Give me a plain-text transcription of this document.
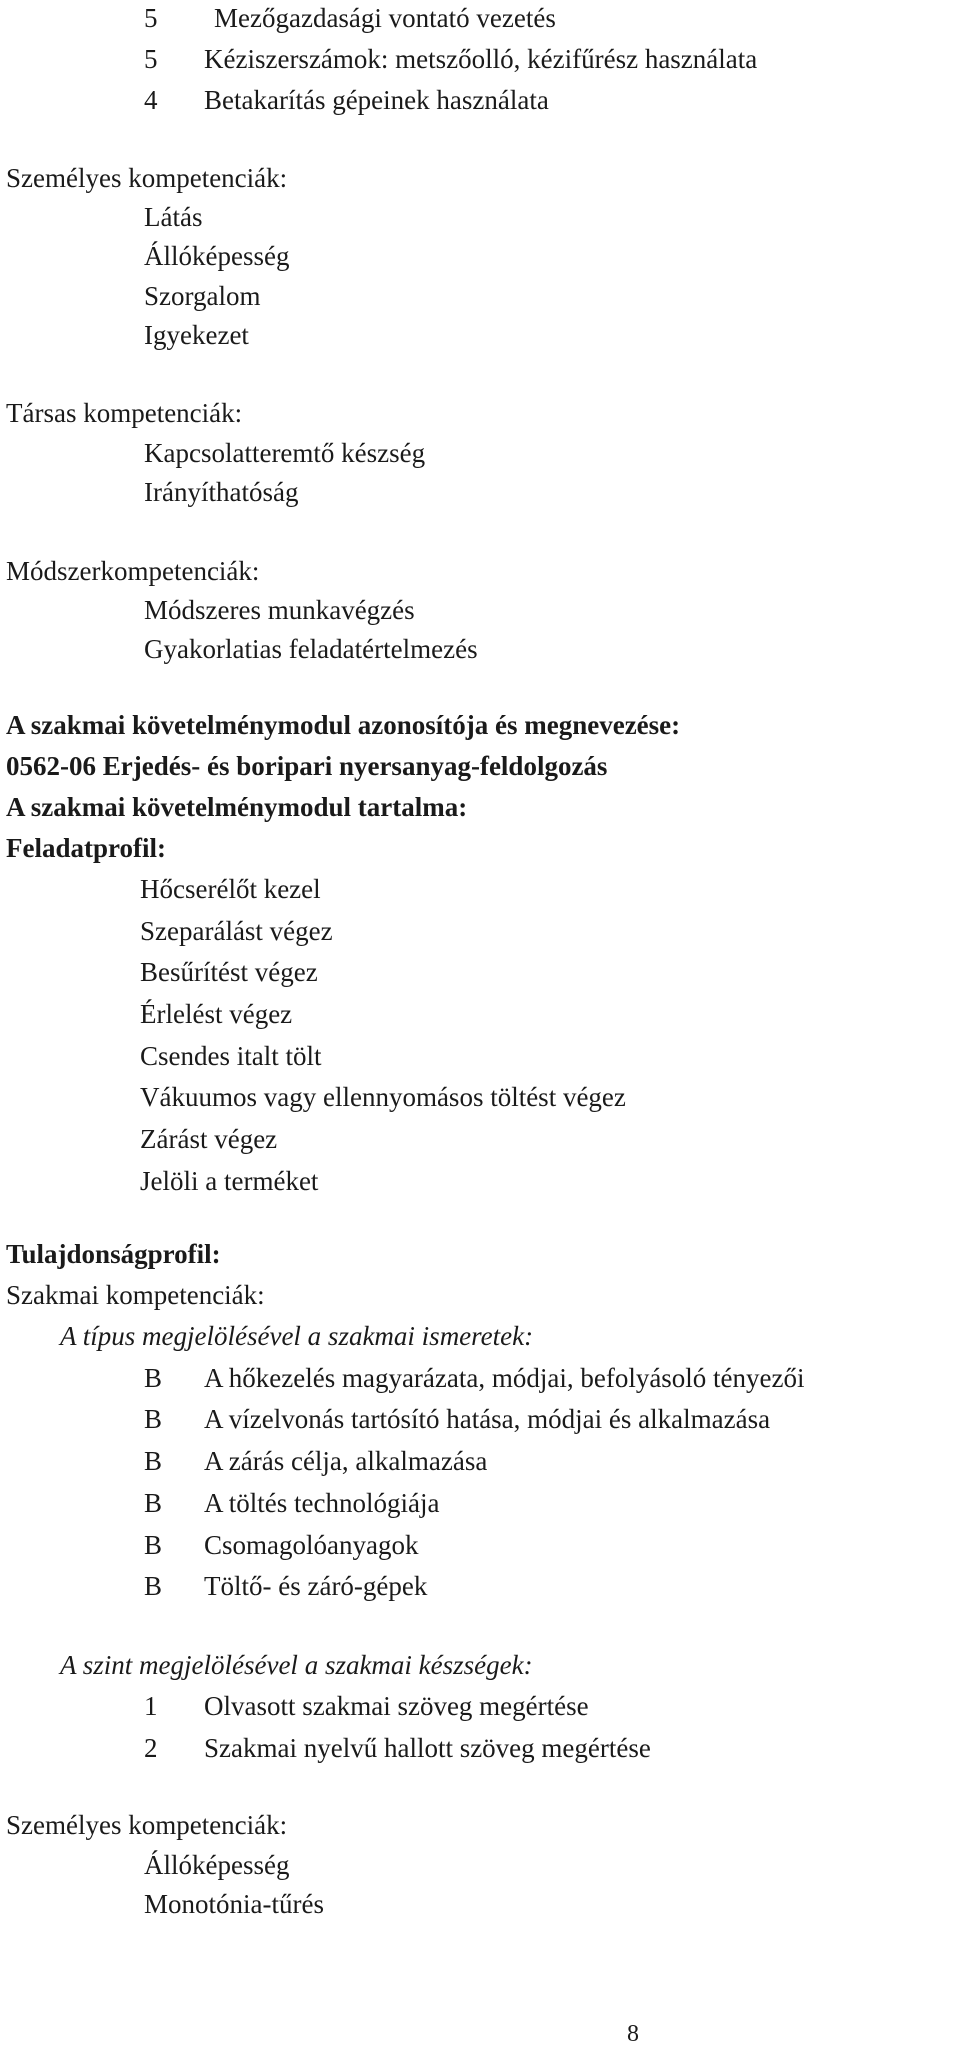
5 Mezőgazdasági vontató vezetés
5 Kéziszerszámok: metszőolló, kézifűrész használata
4 Betakarítás gépeinek használata
Személyes kompetenciák:
Látás
Állóképesség
Szorgalom
Igyekezet
Társas kompetenciák:
Kapcsolatteremtő készség
Irányíthatóság
Módszerkompetenciák:
Módszeres munkavégzés
Gyakorlatias feladatértelmezés
A szakmai követelménymodul azonosítója és megnevezése:
0562-06 Erjedés- és boripari nyersanyag-feldolgozás
A szakmai követelménymodul tartalma:
Feladatprofil:
Hőcserélőt kezel
Szeparálást végez
Besűrítést végez
Érlelést végez
Csendes italt tölt
Vákuumos vagy ellennyomásos töltést végez
Zárást végez
Jelöli a terméket
Tulajdonságprofil:
Szakmai kompetenciák:
A típus megjelölésével a szakmai ismeretek:
B A hőkezelés magyarázata, módjai, befolyásoló tényezői
B A vízelvonás tartósító hatása, módjai és alkalmazása
B A zárás célja, alkalmazása
B A töltés technológiája
B Csomagolóanyagok
B Töltő- és záró-gépek
A szint megjelölésével a szakmai készségek:
1 Olvasott szakmai szöveg megértése
2 Szakmai nyelvű hallott szöveg megértése
Személyes kompetenciák:
Állóképesség
Monotónia-tűrés
8
